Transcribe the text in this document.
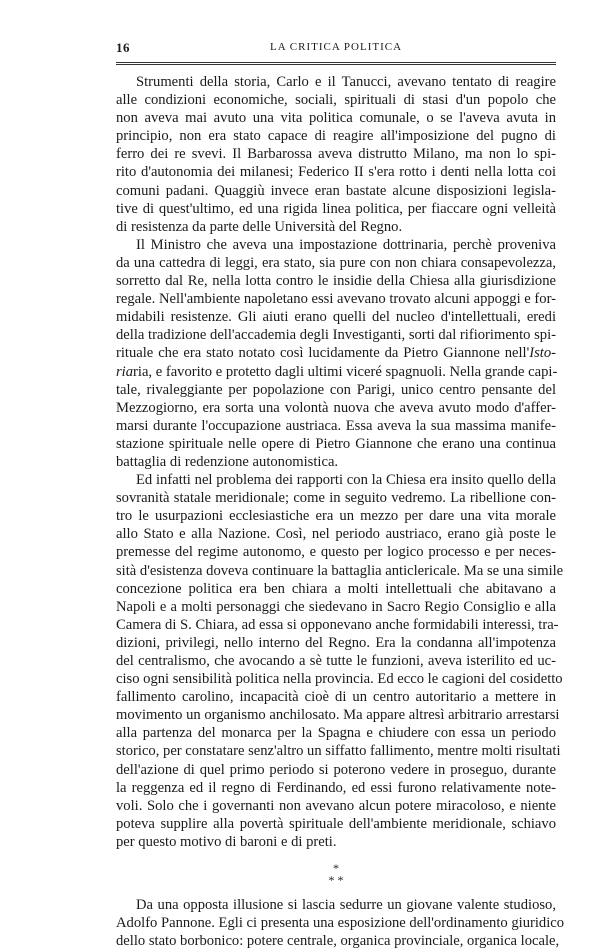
16	LA CRITICA POLITICA

Strumenti della storia, Carlo e il Tanucci, avevano tentato di reagire
alle condizioni economiche, sociali, spirituali di stasi d'un popolo che
non aveva mai avuto una vita politica comunale, o se l'aveva avuta in
principio, non era stato capace di reagire all'imposizione del pugno di
ferro dei re svevi. Il Barbarossa aveva distrutto Milano, ma non lo spi-
rito d'autonomia dei milanesi; Federico II s'era rotto i denti nella lotta coi
comuni padani. Quaggiù invece eran bastate alcune disposizioni legisla-
tive di quest'ultimo, ed una rigida linea politica, per fiaccare ogni velleità
di resistenza da parte delle Università del Regno.

Il Ministro che aveva una impostazione dottrinaria, perchè proveniva
da una cattedra di leggi, era stato, sia pure con non chiara consapevolezza,
sorretto dal Re, nella lotta contro le insidie della Chiesa alla giurisdizione
regale. Nell'ambiente napoletano essi avevano trovato alcuni appoggi e for-
midabili resistenze. Gli aiuti erano quelli del nucleo d'intellettuali, eredi
della tradizione dell'accademia degli Investiganti, sorti dal rifiorimento spi-
rituale che era stato notato così lucidamente da Pietro Giannone nell'Isto-
riaria, e favorito e protetto dagli ultimi viceré spagnuoli. Nella grande capi-
tale, rivaleggiante per popolazione con Parigi, unico centro pensante del
Mezzogiorno, era sorta una volontà nuova che aveva avuto modo d'affer-
marsi durante l'occupazione austriaca. Essa aveva la sua massima manife-
stazione spirituale nelle opere di Pietro Giannone che erano una continua
battaglia di redenzione autonomistica.

Ed infatti nel problema dei rapporti con la Chiesa era insito quello della
sovranità statale meridionale; come in seguito vedremo. La ribellione con-
tro le usurpazioni ecclesiastiche era un mezzo per dare una vita morale
allo Stato e alla Nazione. Così, nel periodo austriaco, erano già poste le
premesse del regime autonomo, e questo per logico processo e per neces-
sità d'esistenza doveva continuare la battaglia anticlericale. Ma se una simile
concezione politica era ben chiara a molti intellettuali che abitavano a
Napoli e a molti personaggi che siedevano in Sacro Regio Consiglio e alla
Camera di S. Chiara, ad essa si opponevano anche formidabili interessi, tra-
dizioni, privilegi, nello interno del Regno. Era la condanna all'impotenza
del centralismo, che avocando a sè tutte le funzioni, aveva isterilito ed uc-
ciso ogni sensibilità politica nella provincia. Ed ecco le cagioni del cosidetto
fallimento carolino, incapacità cioè di un centro autoritario a mettere in
movimento un organismo anchilosato. Ma appare altresì arbitrario arrestarsi
alla partenza del monarca per la Spagna e chiudere con essa un periodo
storico, per constatare senz'altro un siffatto fallimento, mentre molti risultati
dell'azione di quel primo periodo si poterono vedere in proseguo, durante
la reggenza ed il regno di Ferdinando, ed essi furono relativamente note-
voli. Solo che i governanti non avevano alcun potere miracoloso, e niente
poteva supplire alla povertà spirituale dell'ambiente meridionale, schiavo
per questo motivo di baroni e di preti.

*
* *

Da una opposta illusione si lascia sedurre un giovane valente studioso,
Adolfo Pannone. Egli ci presenta una esposizione dell'ordinamento giuridico
dello stato borbonico: potere centrale, organica provinciale, organica locale,
